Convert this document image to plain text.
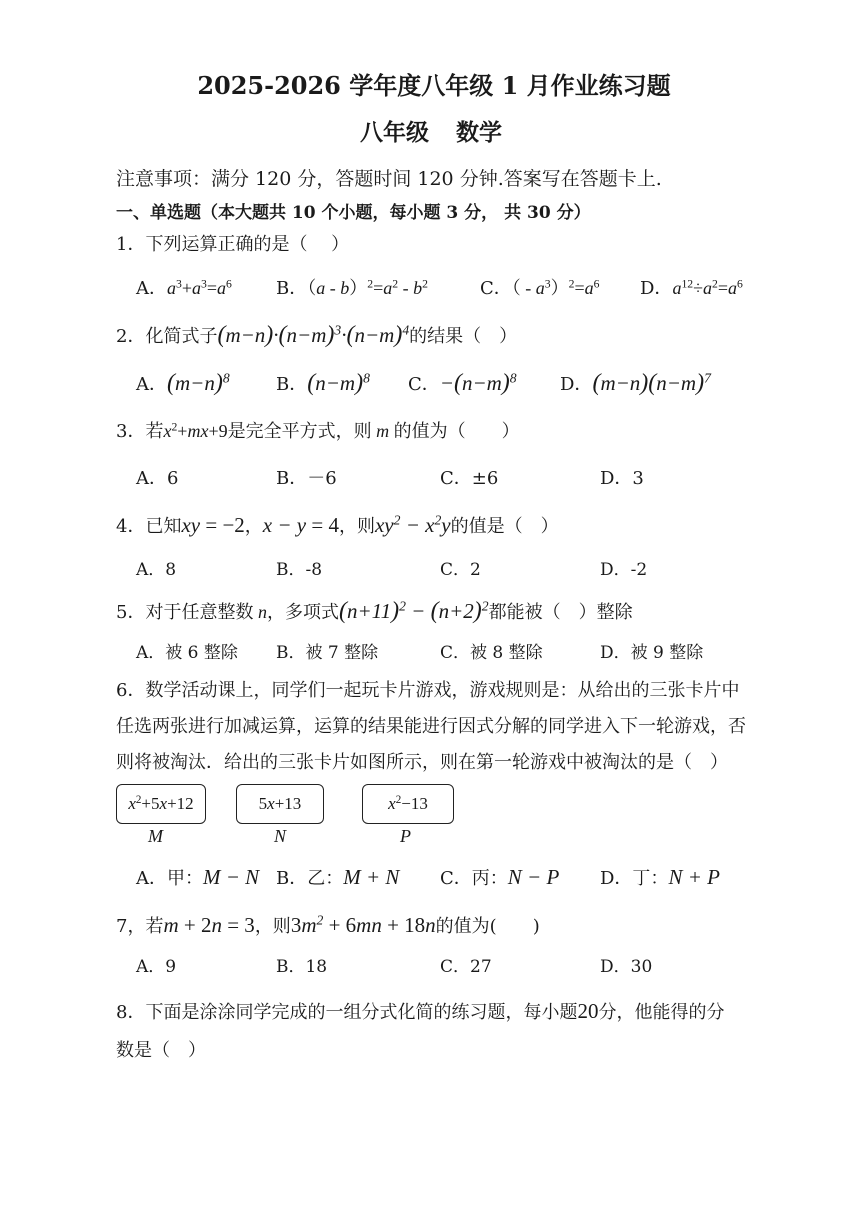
2025-2026 学年度八年级 1 月作业练习题
八年级 数学
注意事项：满分 120 分，答题时间 120 分钟.答案写在答题卡上.
一、单选题（本大题共 10 个小题，每小题 3 分， 共 30 分）
1．下列运算正确的是（　 ）
A．$a^3+a^3=a^6$ B．$(a - b)^2=a^2 - b^2$	C．（ - $a^3)^2=a^6$ D．$a^{12}\div a^2=a^6$
2．化简式子$(m-n)\cdot(n-m)^3\cdot(n-m)^4$的结果（　）
A．$(m-n)^8$	B．$(n-m)^8$ C．$-(n-m)^8$ D．$(m-n)(n-m)^7$
3．若$x^2+mx+9$是完全平方式，则 m 的值为（　　）
A．6	B．－6	C．±6	D．3
4．已知xy = −2，x − y = 4，则$xy^2 - x^2y$的值是（　）
A．8	B．-8	C．2	D．-2
5．对于任意整数 n，多项式$(n+11)^2 - (n+2)^2$都能被（　）整除
A．被 6 整除 B．被 7 整除	C．被 8 整除	D．被 9 整除
6．数学活动课上，同学们一起玩卡片游戏，游戏规则是：从给出的三张卡片中
任选两张进行加减运算，运算的结果能进行因式分解的同学进入下一轮游戏，否
则将被淘汰．给出的三张卡片如图所示，则在第一轮游戏中被淘汰的是（　）
$x^2+5x+12$
M
5x+13
N
$x^2-13$
P
A．甲：M − N B．乙：M + N C．丙：N − P D．丁：N + P
7，若m + 2n = 3，则$3m^2 + 6mn + 18n$的值为(　　)
A．9	B．18	C．27	D．30
8．下面是涂涂同学完成的一组分式化简的练习题，每小题20分，他能得的分
数是（　）
